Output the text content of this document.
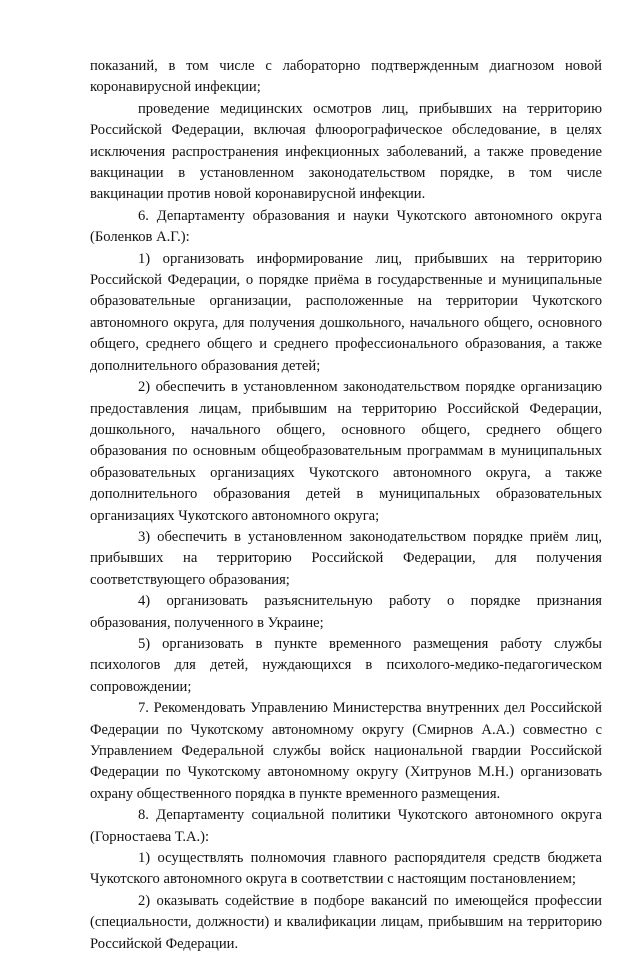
показаний, в том числе с лабораторно подтвержденным диагнозом новой коронавирусной инфекции;

проведение медицинских осмотров лиц, прибывших на территорию Российской Федерации, включая флюорографическое обследование, в целях исключения распространения инфекционных заболеваний, а также проведение вакцинации в установленном законодательством порядке, в том числе вакцинации против новой коронавирусной инфекции.

6. Департаменту образования и науки Чукотского автономного округа (Боленков А.Г.):

1) организовать информирование лиц, прибывших на территорию Российской Федерации, о порядке приёма в государственные и муниципальные образовательные организации, расположенные на территории Чукотского автономного округа, для получения дошкольного, начального общего, основного общего, среднего общего и среднего профессионального образования, а также дополнительного образования детей;

2) обеспечить в установленном законодательством порядке организацию предоставления лицам, прибывшим на территорию Российской Федерации, дошкольного, начального общего, основного общего, среднего общего образования по основным общеобразовательным программам в муниципальных образовательных организациях Чукотского автономного округа, а также дополнительного образования детей в муниципальных образовательных организациях Чукотского автономного округа;

3) обеспечить в установленном законодательством порядке приём лиц, прибывших на территорию Российской Федерации, для получения соответствующего образования;

4) организовать разъяснительную работу о порядке признания образования, полученного в Украине;

5) организовать в пункте временного размещения работу службы психологов для детей, нуждающихся в психолого-медико-педагогическом сопровождении;

7. Рекомендовать Управлению Министерства внутренних дел Российской Федерации по Чукотскому автономному округу (Смирнов А.А.) совместно с Управлением Федеральной службы войск национальной гвардии Российской Федерации по Чукотскому автономному округу (Хитрунов М.Н.) организовать охрану общественного порядка в пункте временного размещения.

8. Департаменту социальной политики Чукотского автономного округа (Горностаева Т.А.):

1) осуществлять полномочия главного распорядителя средств бюджета Чукотского автономного округа в соответствии с настоящим постановлением;

2) оказывать содействие в подборе вакансий по имеющейся профессии (специальности, должности) и квалификации лицам, прибывшим на территорию Российской Федерации.
